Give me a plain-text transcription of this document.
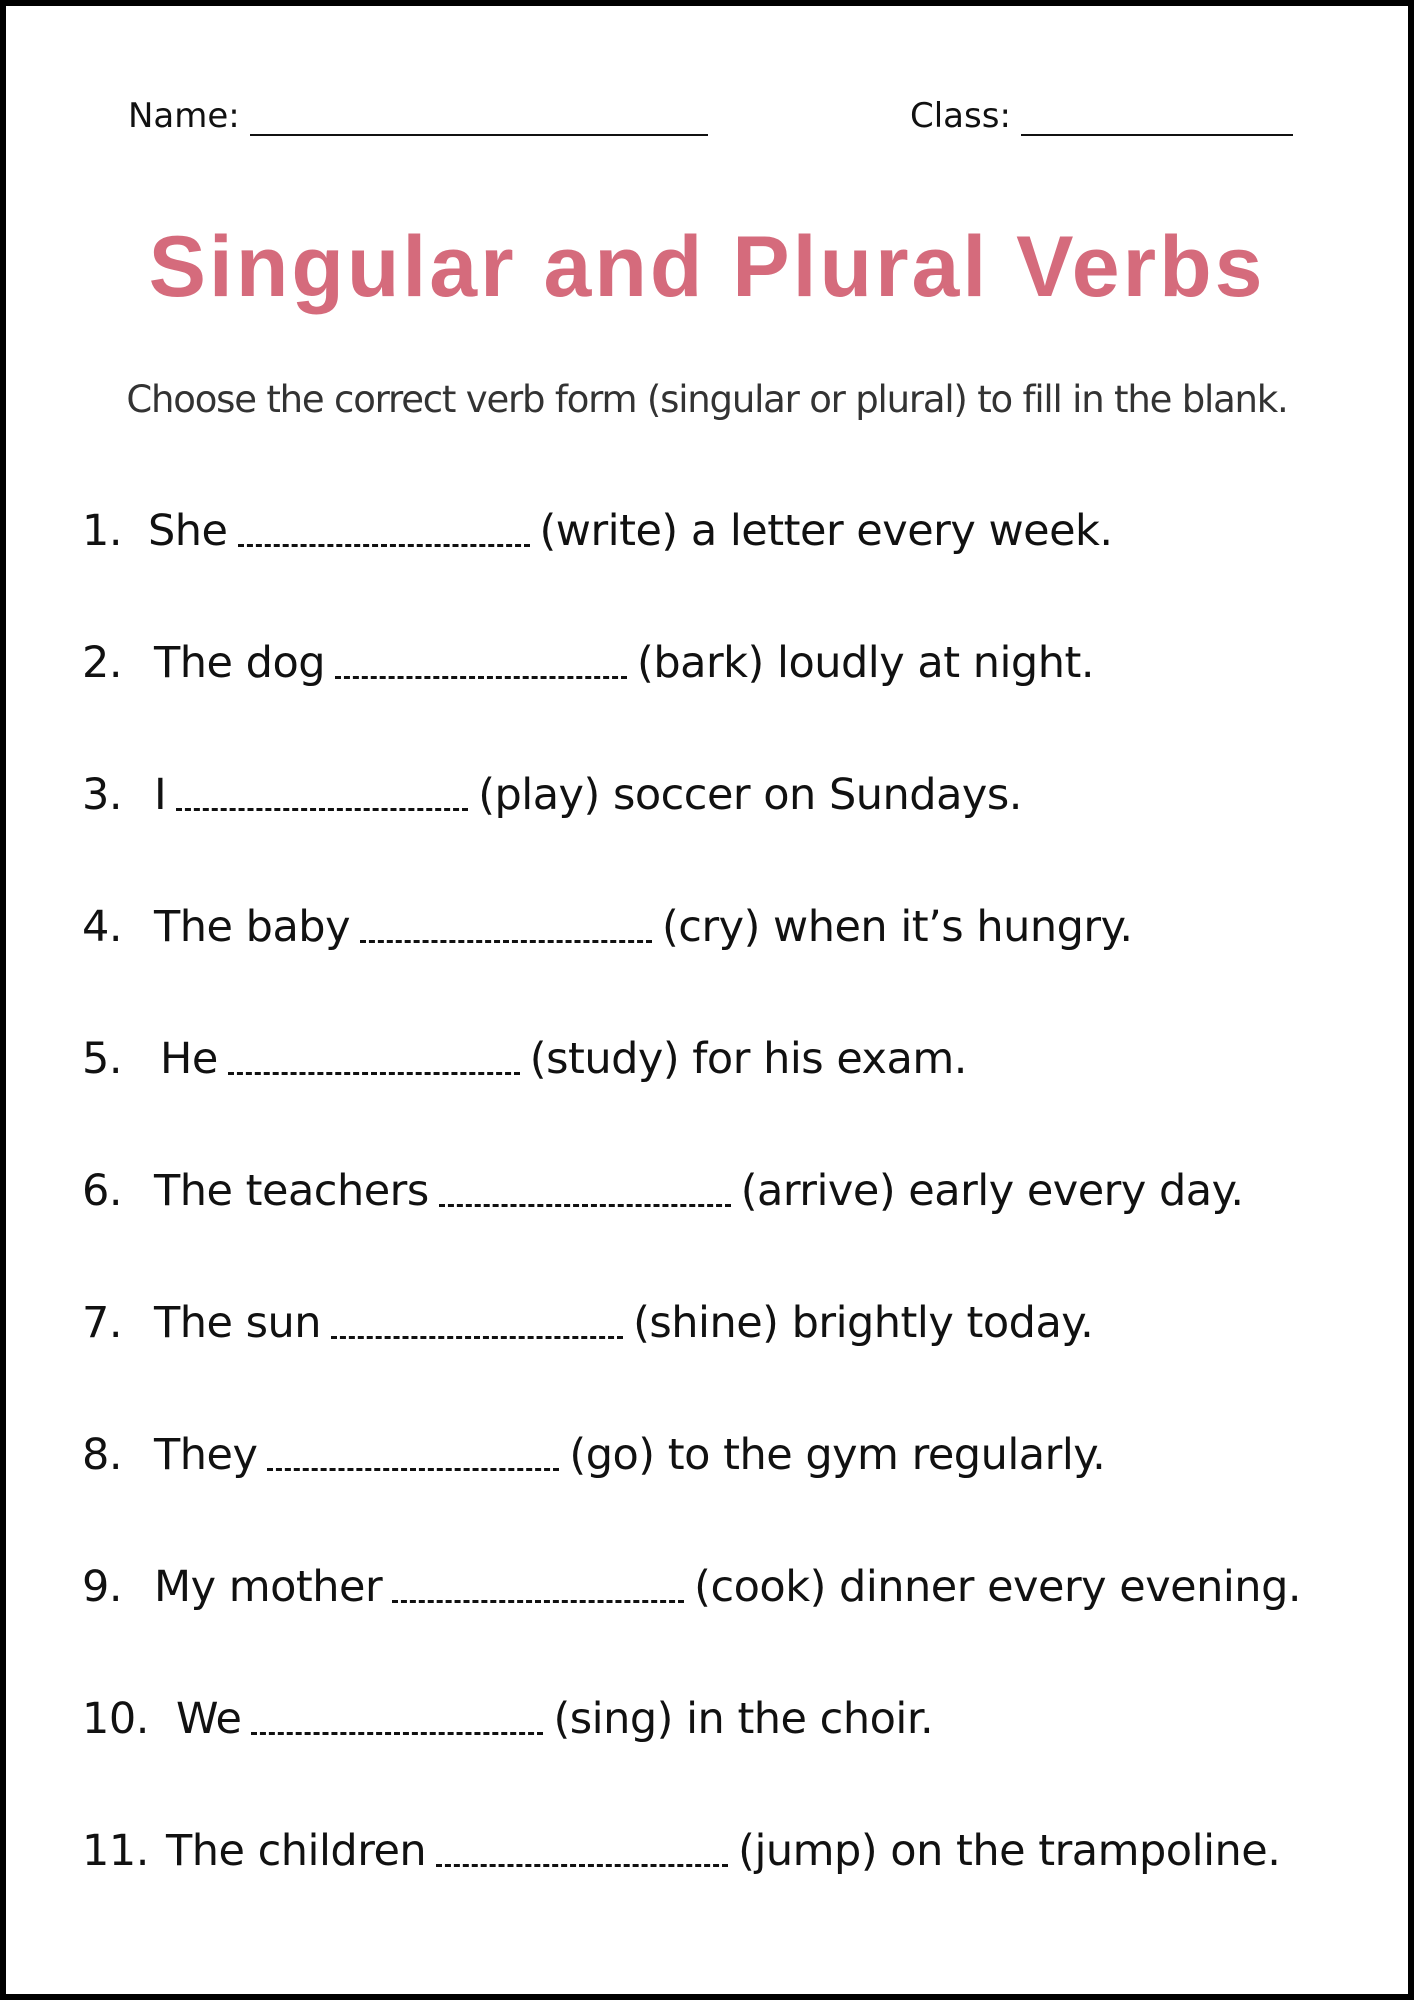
Name:	Class:
Singular and Plural Verbs
Choose the correct verb form (singular or plural) to fill in the blank.
1. She	(write) a letter every week.
2. The dog	(bark) loudly at night.
3. I	(play) soccer on Sundays.
4. The baby	(cry) when it’s hungry.
5. He	(study) for his exam.
6. The teachers	(arrive) early every day.
7. The sun	(shine) brightly today.
8. They	(go) to the gym regularly.
9. My mother	(cook) dinner every evening.
10. We	(sing) in the choir.
11. The children	(jump) on the trampoline.
